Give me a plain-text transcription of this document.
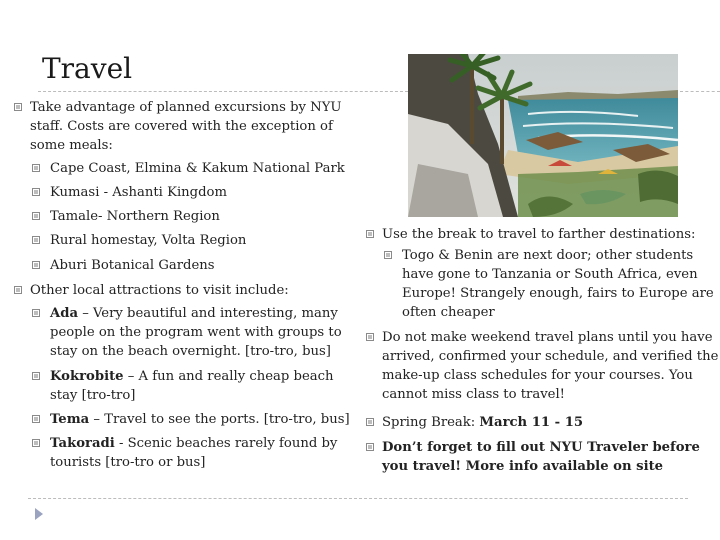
Travel
Take advantage of planned excursions by NYU staff. Costs are covered with the exception of some meals:
Cape Coast, Elmina & Kakum National Park
Kumasi - Ashanti Kingdom
Tamale- Northern Region
Rural homestay, Volta Region
Aburi Botanical Gardens
Other local attractions to visit include:
Ada – Very beautiful and interesting, many people on the program went with groups to stay on the beach overnight. [tro-tro, bus]
Kokrobite – A fun and really cheap beach stay [tro-tro]
Tema – Travel to see the ports. [tro-tro, bus]
Takoradi - Scenic beaches rarely found by tourists [tro-tro or bus]
Use the break to travel to farther destinations:
Togo & Benin are next door; other students have gone to Tanzania or South Africa, even Europe! Strangely enough, fairs to Europe are often cheaper
Do not make weekend travel plans until you have arrived, confirmed your schedule, and verified the make-up class schedules for your courses. You cannot miss class to travel!
Spring Break: March 11 - 15
Don’t forget to fill out NYU Traveler before you travel! More info available on site
